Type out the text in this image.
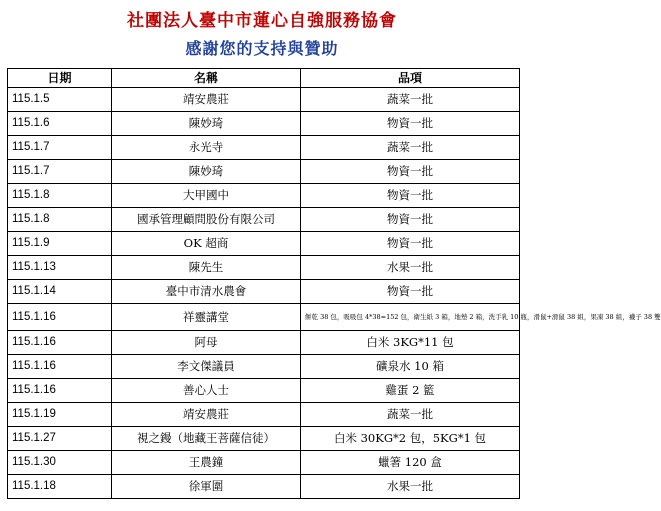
社團法人臺中市蓮心自強服務協會
感謝您的支持與贊助
日期	名稱	品項
115.1.5	靖安農莊	蔬菜一批
115.1.6	陳妙琦	物資一批
115.1.7	永光寺	蔬菜一批
115.1.7	陳妙琦	物資一批
115.1.8	大甲國中	物資一批
115.1.8	國承管理顧問股份有限公司	物資一批
115.1.9	OK 超商	物資一批
115.1.13	陳先生	水果一批
115.1.14	臺中市清水農會	物資一批
115.1.16	祥靈講堂	餅乾 38 包，吸吸包 4*38=152 包，衛生紙 3 箱，地墊 2 箱，洗手乳 10 瓶，滑鼠+滑鼠 38 組，果凍 38 組，襪子 38 雙
115.1.16	阿母	白米 3KG*11 包
115.1.16	李文傑議員	礦泉水 10 箱
115.1.16	善心人士	雞蛋 2 籃
115.1.19	靖安農莊	蔬菜一批
115.1.27	視之鏝（地藏王菩薩信徒）	白米 30KG*2 包，5KG*1 包
115.1.30	王農鐘	蠟箸 120 盒
115.1.18	徐軍圍	水果一批
